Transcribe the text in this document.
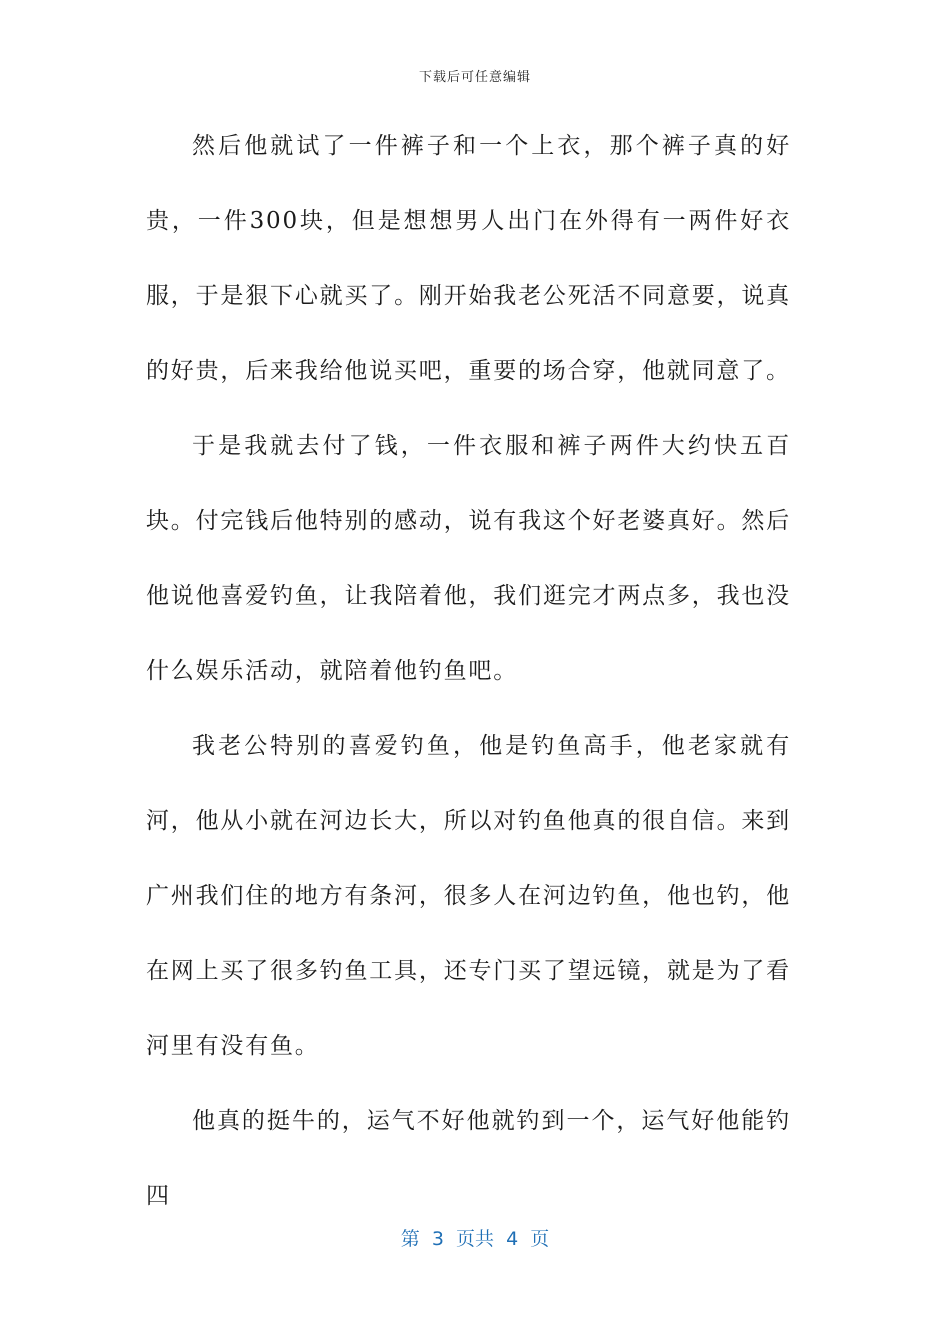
下载后可任意编辑

然后他就试了一件裤子和一个上衣，那个裤子真的好贵，一件300块，但是想想男人出门在外得有一两件好衣服，于是狠下心就买了。刚开始我老公死活不同意要，说真的好贵，后来我给他说买吧，重要的场合穿，他就同意了。

于是我就去付了钱，一件衣服和裤子两件大约快五百块。付完钱后他特别的感动，说有我这个好老婆真好。然后他说他喜爱钓鱼，让我陪着他，我们逛完才两点多，我也没什么娱乐活动，就陪着他钓鱼吧。

我老公特别的喜爱钓鱼，他是钓鱼高手，他老家就有河，他从小就在河边长大，所以对钓鱼他真的很自信。来到广州我们住的地方有条河，很多人在河边钓鱼，他也钓，他在网上买了很多钓鱼工具，还专门买了望远镜，就是为了看河里有没有鱼。

他真的挺牛的，运气不好他就钓到一个，运气好他能钓四

第  3  页共  4  页
